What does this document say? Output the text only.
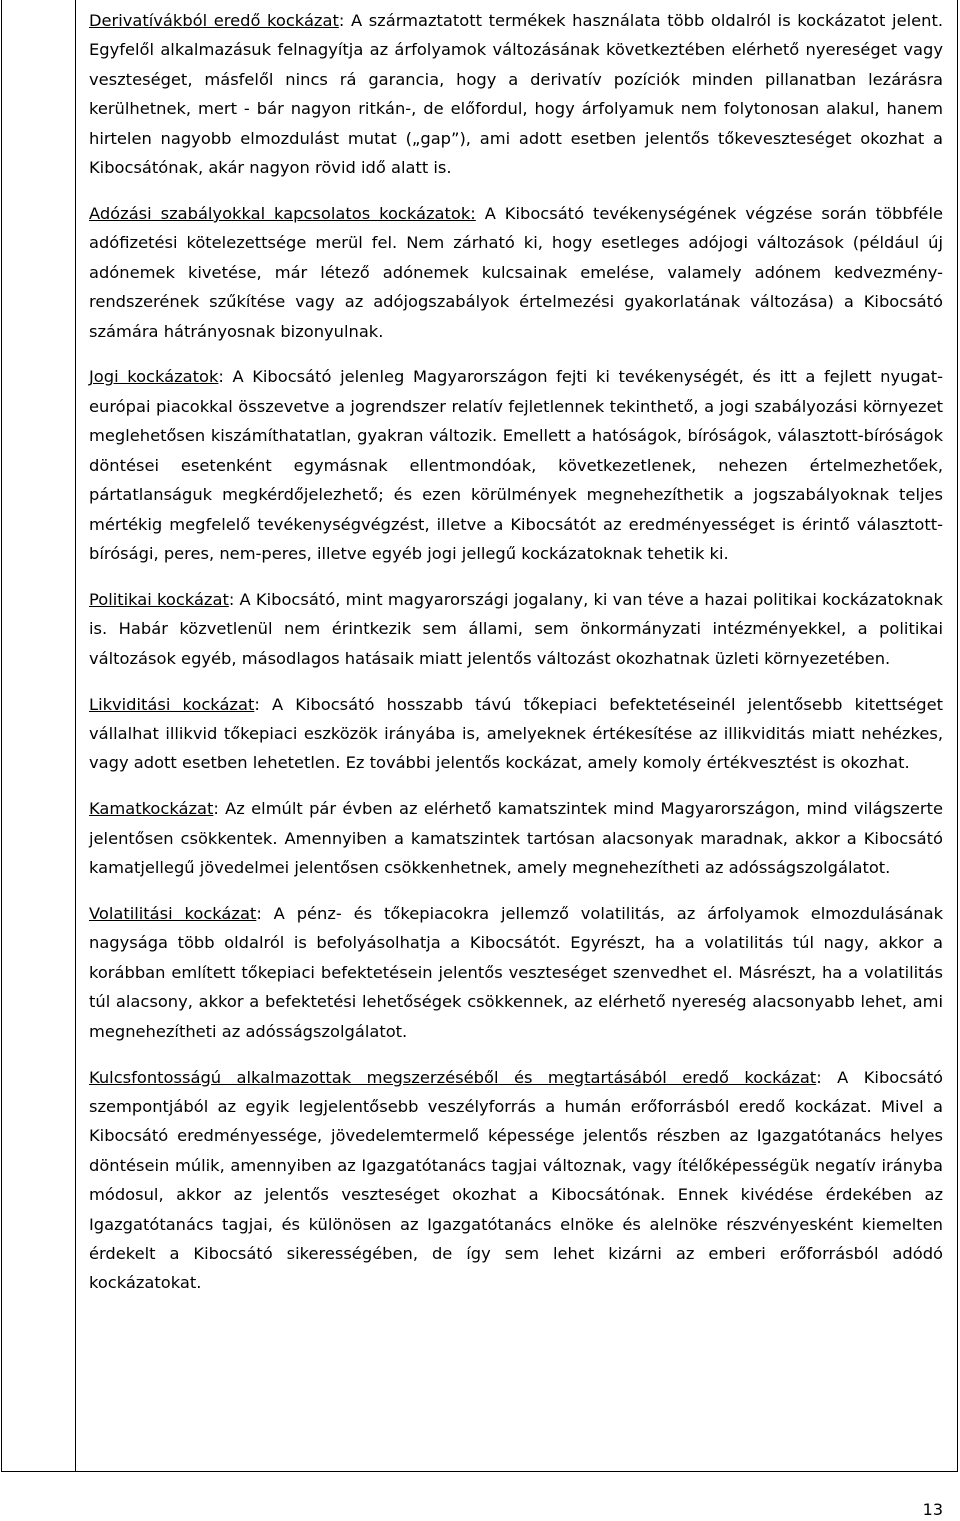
Derivatívákból eredő kockázat: A származtatott termékek használata több oldalról is kockázatot jelent. Egyfelől alkalmazásuk felnagyítja az árfolyamok változásának következtében elérhető nyereséget vagy veszteséget, másfelől nincs rá garancia, hogy a derivatív pozíciók minden pillanatban lezárásra kerülhetnek, mert - bár nagyon ritkán-, de előfordul, hogy árfolyamuk nem folytonosan alakul, hanem hirtelen nagyobb elmozdulást mutat („gap”), ami adott esetben jelentős tőkeveszteséget okozhat a Kibocsátónak, akár nagyon rövid idő alatt is.

Adózási szabályokkal kapcsolatos kockázatok: A Kibocsátó tevékenységének végzése során többféle adófizetési kötelezettsége merül fel. Nem zárható ki, hogy esetleges adójogi változások (például új adónemek kivetése, már létező adónemek kulcsainak emelése, valamely adónem kedvezmény-rendszerének szűkítése vagy az adójogszabályok értelmezési gyakorlatának változása) a Kibocsátó számára hátrányosnak bizonyulnak.

Jogi kockázatok: A Kibocsátó jelenleg Magyarországon fejti ki tevékenységét, és itt a fejlett nyugat-európai piacokkal összevetve a jogrendszer relatív fejletlennek tekinthető, a jogi szabályozási környezet meglehetősen kiszámíthatatlan, gyakran változik. Emellett a hatóságok, bíróságok, választott-bíróságok döntései esetenként egymásnak ellentmondóak, következetlenek, nehezen értelmezhetőek, pártatlanságuk megkérdőjelezhető; és ezen körülmények megnehezíthetik a jogszabályoknak teljes mértékig megfelelő tevékenységvégzést, illetve a Kibocsátót az eredményességet is érintő választott-bírósági, peres, nem-peres, illetve egyéb jogi jellegű kockázatoknak tehetik ki.

Politikai kockázat: A Kibocsátó, mint magyarországi jogalany, ki van téve a hazai politikai kockázatoknak is. Habár közvetlenül nem érintkezik sem állami, sem önkormányzati intézményekkel, a politikai változások egyéb, másodlagos hatásaik miatt jelentős változást okozhatnak üzleti környezetében.

Likviditási kockázat: A Kibocsátó hosszabb távú tőkepiaci befektetéseinél jelentősebb kitettséget vállalhat illikvid tőkepiaci eszközök irányába is, amelyeknek értékesítése az illikviditás miatt nehézkes, vagy adott esetben lehetetlen. Ez további jelentős kockázat, amely komoly értékvesztést is okozhat.

Kamatkockázat: Az elmúlt pár évben az elérhető kamatszintek mind Magyarországon, mind világszerte jelentősen csökkentek. Amennyiben a kamatszintek tartósan alacsonyak maradnak, akkor a Kibocsátó kamatjellegű jövedelmei jelentősen csökkenhetnek, amely megnehezítheti az adósságszolgálatot.

Volatilitási kockázat: A pénz- és tőkepiacokra jellemző volatilitás, az árfolyamok elmozdulásának nagysága több oldalról is befolyásolhatja a Kibocsátót. Egyrészt, ha a volatilitás túl nagy, akkor a korábban említett tőkepiaci befektetésein jelentős veszteséget szenvedhet el. Másrészt, ha a volatilitás túl alacsony, akkor a befektetési lehetőségek csökkennek, az elérhető nyereség alacsonyabb lehet, ami megnehezítheti az adósságszolgálatot.

Kulcsfontosságú alkalmazottak megszerzéséből és megtartásából eredő kockázat: A Kibocsátó szempontjából az egyik legjelentősebb veszélyforrás a humán erőforrásból eredő kockázat. Mivel a Kibocsátó eredményessége, jövedelemtermelő képessége jelentős részben az Igazgatótanács helyes döntésein múlik, amennyiben az Igazgatótanács tagjai változnak, vagy ítélőképességük negatív irányba módosul, akkor az jelentős veszteséget okozhat a Kibocsátónak. Ennek kivédése érdekében az Igazgatótanács tagjai, és különösen az Igazgatótanács elnöke és alelnöke részvényesként kiemelten érdekelt a Kibocsátó sikerességében, de így sem lehet kizárni az emberi erőforrásból adódó kockázatokat.

13
